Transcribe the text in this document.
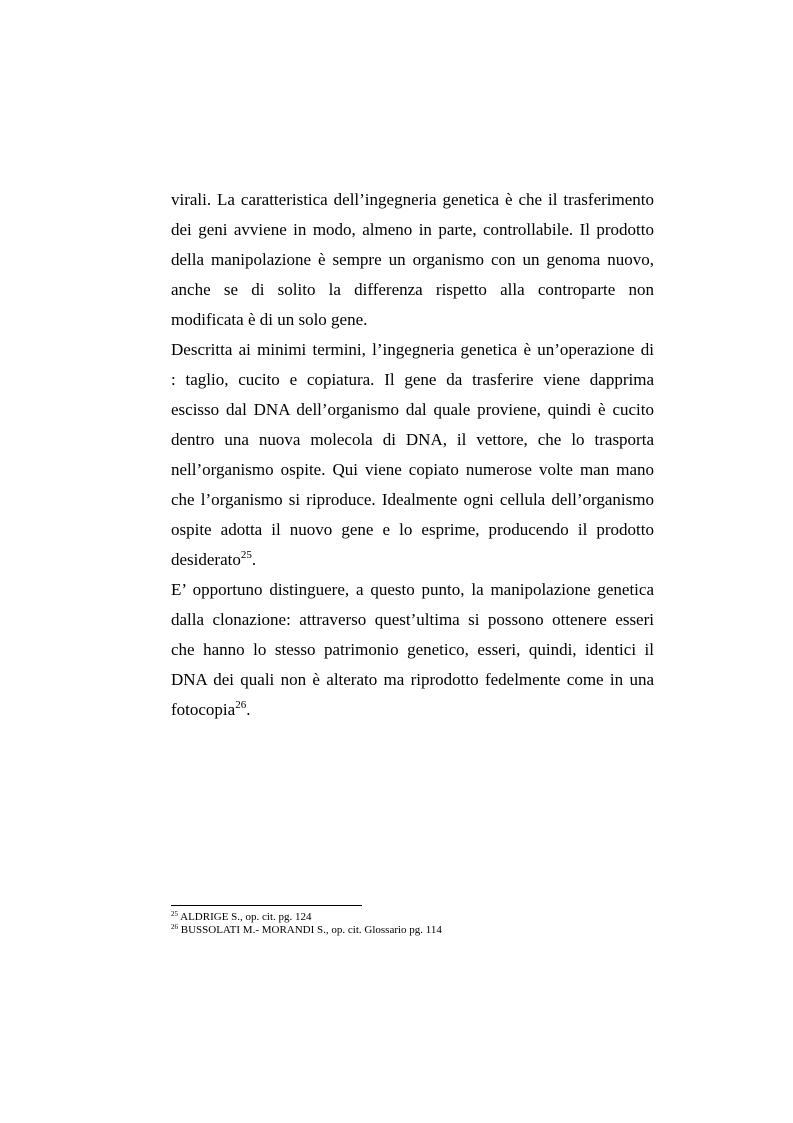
virali. La caratteristica dell’ingegneria genetica è che il trasferimento
dei geni avviene in modo, almeno in parte, controllabile. Il prodotto
della manipolazione è sempre un organismo con un genoma nuovo,
anche se di solito la differenza rispetto alla controparte non
modificata è di un solo gene.
Descritta ai minimi termini, l’ingegneria genetica è un’operazione di
: taglio, cucito e copiatura. Il gene da trasferire viene dapprima
escisso dal DNA dell’organismo dal quale proviene, quindi è cucito
dentro una nuova molecola di DNA, il vettore, che lo trasporta
nell’organismo ospite. Qui viene copiato numerose volte man mano
che l’organismo si riproduce. Idealmente ogni cellula dell’organismo
ospite adotta il nuovo gene e lo esprime, producendo il prodotto
desiderato$^{25}$.
E’ opportuno distinguere, a questo punto, la manipolazione genetica
dalla clonazione: attraverso quest’ultima si possono ottenere esseri
che hanno lo stesso patrimonio genetico, esseri, quindi, identici il
DNA dei quali non è alterato ma riprodotto fedelmente come in una
fotocopia$^{26}$.
$^{25}$ ALDRIGE S., op. cit. pg. 124
$^{26}$ BUSSOLATI M.- MORANDI S., op. cit. Glossario pg. 114
